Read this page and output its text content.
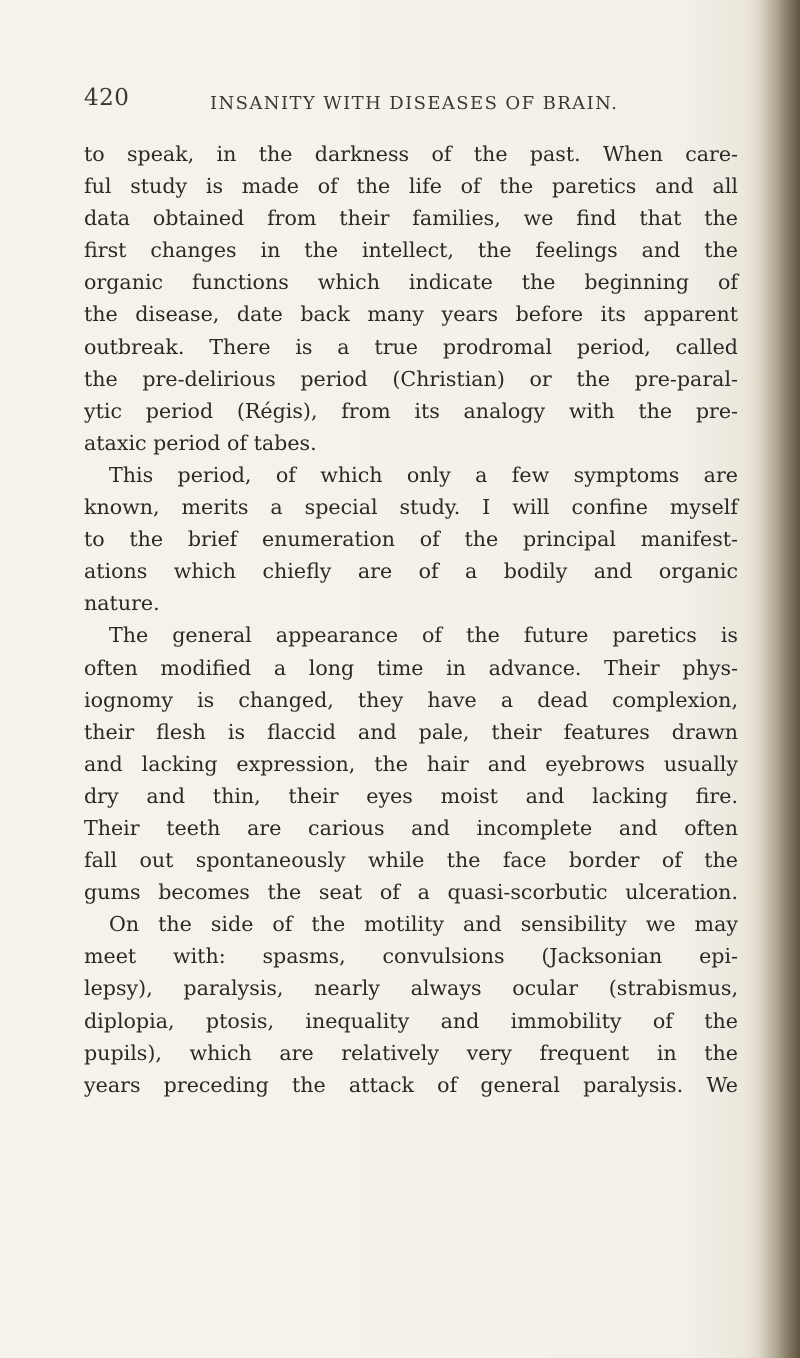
420	INSANITY WITH DISEASES OF BRAIN.
to speak, in the darkness of the past. When care-
ful study is made of the life of the paretics and all
data obtained from their families, we find that the
first changes in the intellect, the feelings and the
organic functions which indicate the beginning of
the disease, date back many years before its apparent
outbreak. There is a true prodromal period, called
the pre-delirious period (Christian) or the pre-paral-
ytic period (Régis), from its analogy with the pre-
ataxic period of tabes.
This period, of which only a few symptoms are
known, merits a special study. I will confine myself
to the brief enumeration of the principal manifest-
ations which chiefly are of a bodily and organic
nature.
The general appearance of the future paretics is
often modified a long time in advance. Their phys-
iognomy is changed, they have a dead complexion,
their flesh is flaccid and pale, their features drawn
and lacking expression, the hair and eyebrows usually
dry and thin, their eyes moist and lacking fire.
Their teeth are carious and incomplete and often
fall out spontaneously while the face border of the
gums becomes the seat of a quasi-scorbutic ulceration.
On the side of the motility and sensibility we may
meet with: spasms, convulsions (Jacksonian epi-
lepsy), paralysis, nearly always ocular (strabismus,
diplopia, ptosis, inequality and immobility of the
pupils), which are relatively very frequent in the
years preceding the attack of general paralysis. We
